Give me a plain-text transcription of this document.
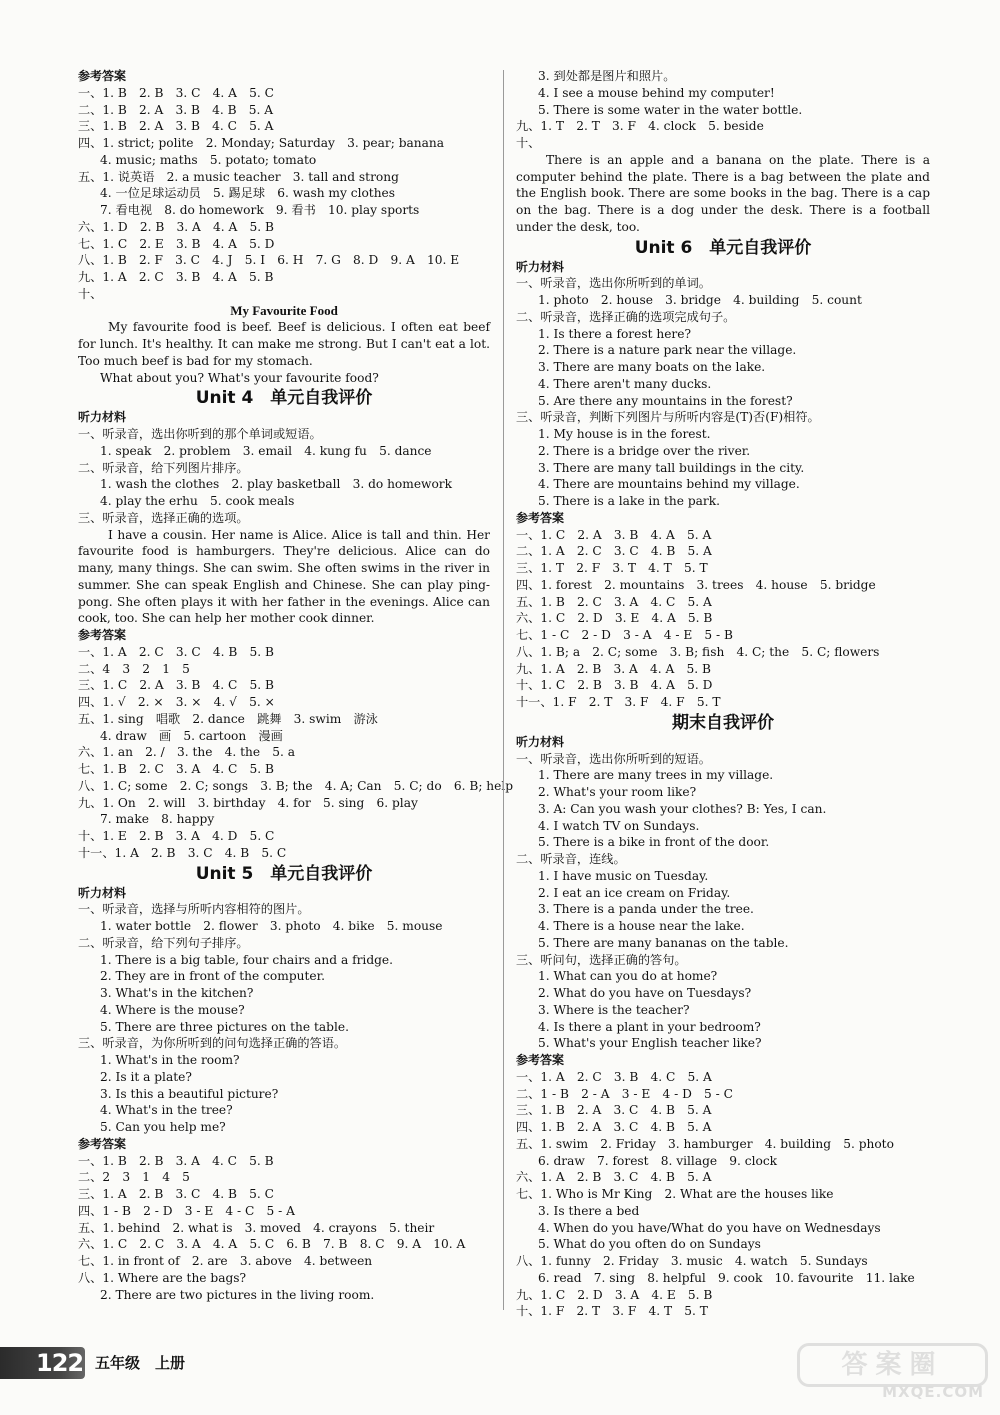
参考答案
一、1. B　2. B　3. C　4. A　5. C
二、1. B　2. A　3. B　4. B　5. A
三、1. B　2. A　3. B　4. C　5. A
四、1. strict; polite　2. Monday; Saturday　3. pear; banana
4. music; maths　5. potato; tomato
五、1. 说英语　2. a music teacher　3. tall and strong
4. 一位足球运动员　5. 踢足球　6. wash my clothes
7. 看电视　8. do homework　9. 看书　10. play sports
六、1. D　2. B　3. A　4. A　5. B
七、1. C　2. E　3. B　4. A　5. D
八、1. B　2. F　3. C　4. J　5. I　6. H　7. G　8. D　9. A　10. E
九、1. A　2. C　3. B　4. A　5. B
十、
My Favourite Food
My favourite food is beef. Beef is delicious. I often eat beef for lunch. It's healthy. It can make me strong. But I can't eat a lot. Too much beef is bad for my stomach.
What about you? What's your favourite food?
Unit 4　单元自我评价
听力材料
一、听录音，选出你听到的那个单词或短语。
1. speak　2. problem　3. email　4. kung fu　5. dance
二、听录音，给下列图片排序。
1. wash the clothes　2. play basketball　3. do homework
4. play the erhu　5. cook meals
三、听录音，选择正确的选项。
I have a cousin. Her name is Alice. Alice is tall and thin. Her favourite food is hamburgers. They're delicious. Alice can do many, many things. She can swim. She often swims in the river in summer. She can speak English and Chinese. She can play ping-pong. She often plays it with her father in the evenings. Alice can cook, too. She can help her mother cook dinner.
参考答案
一、1. A　2. C　3. C　4. B　5. B
二、4　3　2　1　5
三、1. C　2. A　3. B　4. C　5. B
四、1. √　2. ×　3. ×　4. √　5. ×
五、1. sing　唱歌　2. dance　跳舞　3. swim　游泳
4. draw　画　5. cartoon　漫画
六、1. an　2. /　3. the　4. the　5. a
七、1. B　2. C　3. A　4. C　5. B
八、1. C; some　2. C; songs　3. B; the　4. A; Can　5. C; do　6. B; help
九、1. On　2. will　3. birthday　4. for　5. sing　6. play
7. make　8. happy
十、1. E　2. B　3. A　4. D　5. C
十一、1. A　2. B　3. C　4. B　5. C
Unit 5　单元自我评价
听力材料
一、听录音，选择与所听内容相符的图片。
1. water bottle　2. flower　3. photo　4. bike　5. mouse
二、听录音，给下列句子排序。
1. There is a big table, four chairs and a fridge.
2. They are in front of the computer.
3. What's in the kitchen?
4. Where is the mouse?
5. There are three pictures on the table.
三、听录音，为你所听到的问句选择正确的答语。
1. What's in the room?
2. Is it a plate?
3. Is this a beautiful picture?
4. What's in the tree?
5. Can you help me?
参考答案
一、1. B　2. B　3. A　4. C　5. B
二、2　3　1　4　5
三、1. A　2. B　3. C　4. B　5. C
四、1 - B　2 - D　3 - E　4 - C　5 - A
五、1. behind　2. what is　3. moved　4. crayons　5. their
六、1. C　2. C　3. A　4. A　5. C　6. B　7. B　8. C　9. A　10. A
七、1. in front of　2. are　3. above　4. between
八、1. Where are the bags?
2. There are two pictures in the living room.
3. 到处都是图片和照片。
4. I see a mouse behind my computer!
5. There is some water in the water bottle.
九、1. T　2. T　3. F　4. clock　5. beside
十、
There is an apple and a banana on the plate. There is a computer behind the plate. There is a bag between the plate and the English book. There are some books in the bag. There is a cap on the bag. There is a dog under the desk. There is a football under the desk, too.
Unit 6　单元自我评价
听力材料
一、听录音，选出你所听到的单词。
1. photo　2. house　3. bridge　4. building　5. count
二、听录音，选择正确的选项完成句子。
1. Is there a forest here?
2. There is a nature park near the village.
3. There are many boats on the lake.
4. There aren't many ducks.
5. Are there any mountains in the forest?
三、听录音，判断下列图片与所听内容是(T)否(F)相符。
1. My house is in the forest.
2. There is a bridge over the river.
3. There are many tall buildings in the city.
4. There are mountains behind my village.
5. There is a lake in the park.
参考答案
一、1. C　2. A　3. B　4. A　5. A
二、1. A　2. C　3. C　4. B　5. A
三、1. T　2. F　3. T　4. T　5. T
四、1. forest　2. mountains　3. trees　4. house　5. bridge
五、1. B　2. C　3. A　4. C　5. A
六、1. C　2. D　3. E　4. A　5. B
七、1 - C　2 - D　3 - A　4 - E　5 - B
八、1. B; a　2. C; some　3. B; fish　4. C; the　5. C; flowers
九、1. A　2. B　3. A　4. A　5. B
十、1. C　2. B　3. B　4. A　5. D
十一、1. F　2. T　3. F　4. F　5. T
期末自我评价
听力材料
一、听录音，选出你所听到的短语。
1. There are many trees in my village.
2. What's your room like?
3. A: Can you wash your clothes? B: Yes, I can.
4. I watch TV on Sundays.
5. There is a bike in front of the door.
二、听录音，连线。
1. I have music on Tuesday.
2. I eat an ice cream on Friday.
3. There is a panda under the tree.
4. There is a house near the lake.
5. There are many bananas on the table.
三、听问句，选择正确的答句。
1. What can you do at home?
2. What do you have on Tuesdays?
3. Where is the teacher?
4. Is there a plant in your bedroom?
5. What's your English teacher like?
参考答案
一、1. A　2. C　3. B　4. C　5. A
二、1 - B　2 - A　3 - E　4 - D　5 - C
三、1. B　2. A　3. C　4. B　5. A
四、1. B　2. A　3. C　4. B　5. A
五、1. swim　2. Friday　3. hamburger　4. building　5. photo
6. draw　7. forest　8. village　9. clock
六、1. A　2. B　3. C　4. B　5. A
七、1. Who is Mr King　2. What are the houses like
3. Is there a bed
4. When do you have/What do you have on Wednesdays
5. What do you often do on Sundays
八、1. funny　2. Friday　3. music　4. watch　5. Sundays
6. read　7. sing　8. helpful　9. cook　10. favourite　11. lake
九、1. C　2. D　3. A　4. E　5. B
十、1. F　2. T　3. F　4. T　5. T
122 五年级　上册	答案圈
MXQE.COM
